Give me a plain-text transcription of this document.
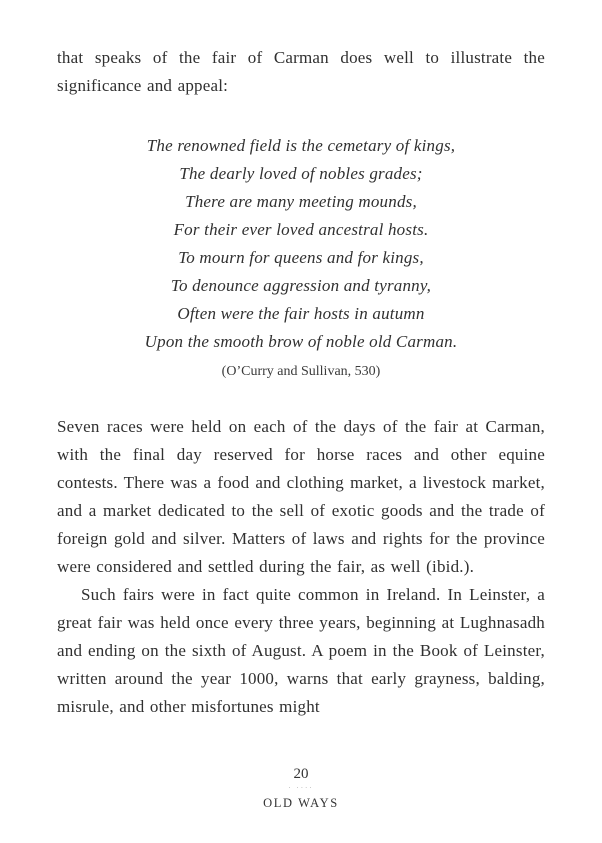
that speaks of the fair of Carman does well to illustrate the significance and appeal:

The renowned field is the cemetary of kings,
The dearly loved of nobles grades;
There are many meeting mounds,
For their ever loved ancestral hosts.
To mourn for queens and for kings,
To denounce aggression and tyranny,
Often were the fair hosts in autumn
Upon the smooth brow of noble old Carman.
(O’Curry and Sullivan, 530)

Seven races were held on each of the days of the fair at Carman, with the final day reserved for horse races and other equine contests. There was a food and clothing market, a livestock market, and a market dedicated to the sell of exotic goods and the trade of foreign gold and silver. Matters of laws and rights for the province were considered and settled during the fair, as well (ibid.).

Such fairs were in fact quite common in Ireland. In Leinster, a great fair was held once every three years, beginning at Lughnasadh and ending on the sixth of August. A poem in the Book of Leinster, written around the year 1000, warns that early grayness, balding, misrule, and other misfortunes might

20
· ····
OLD WAYS
